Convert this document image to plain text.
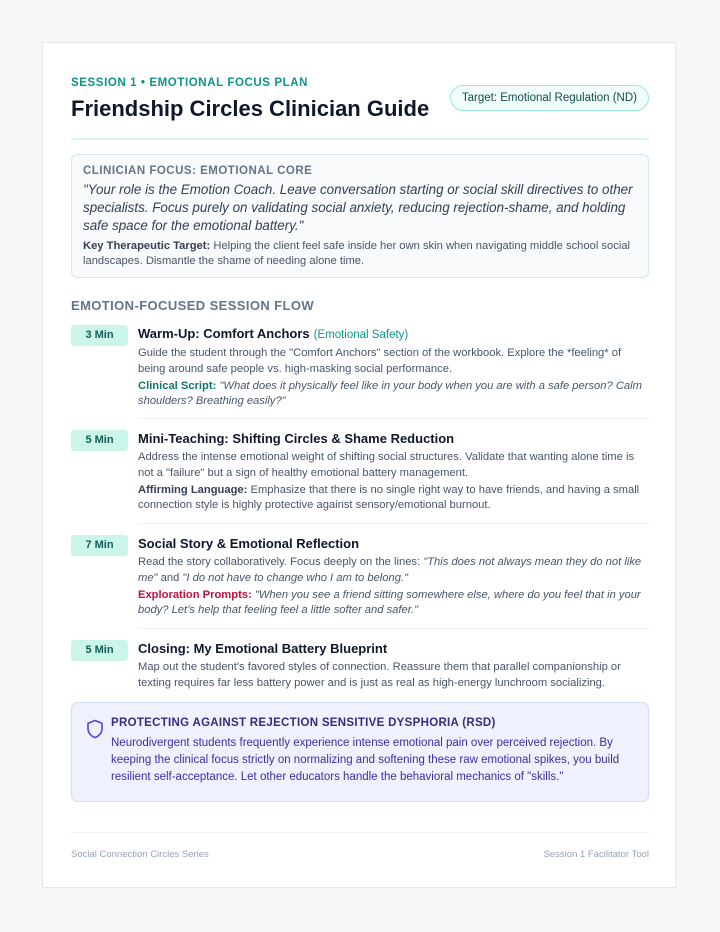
SESSION 1 • EMOTIONAL FOCUS PLAN
Friendship Circles Clinician Guide	Target: Emotional Regulation (ND)
CLINICIAN FOCUS: EMOTIONAL CORE

"Your role is the Emotion Coach. Leave conversation starting or social skill directives to other specialists. Focus purely on validating social anxiety, reducing rejection-shame, and holding safe space for the emotional battery."

Key Therapeutic Target: Helping the client feel safe inside her own skin when navigating middle school social landscapes. Dismantle the shame of needing alone time.

EMOTION-FOCUSED SESSION FLOW
3 Min	Warm-Up: Comfort Anchors (Emotional Safety)

Guide the student through the "Comfort Anchors" section of the workbook. Explore the *feeling* of being around safe people vs. high-masking social performance.

Clinical Script: "What does it physically feel like in your body when you are with a safe person? Calm shoulders? Breathing easily?"

5 Min	Mini-Teaching: Shifting Circles & Shame Reduction

Address the intense emotional weight of shifting social structures. Validate that wanting alone time is not a "failure" but a sign of healthy emotional battery management.

Affirming Language: Emphasize that there is no single right way to have friends, and having a small connection style is highly protective against sensory/emotional burnout.

7 Min	Social Story & Emotional Reflection

Read the story collaboratively. Focus deeply on the lines: "This does not always mean they do not like me" and "I do not have to change who I am to belong."

Exploration Prompts: "When you see a friend sitting somewhere else, where do you feel that in your body? Let’s help that feeling feel a little softer and safer."

5 Min	Closing: My Emotional Battery Blueprint

Map out the student's favored styles of connection. Reassure them that parallel companionship or texting requires far less battery power and is just as real as high-energy lunchroom socializing.

PROTECTING AGAINST REJECTION SENSITIVE DYSPHORIA (RSD)

Neurodivergent students frequently experience intense emotional pain over perceived rejection. By keeping the clinical focus strictly on normalizing and softening these raw emotional spikes, you build resilient self-acceptance. Let other educators handle the behavioral mechanics of "skills."

Social Connection Circles Series	Session 1 Facilitator Tool
